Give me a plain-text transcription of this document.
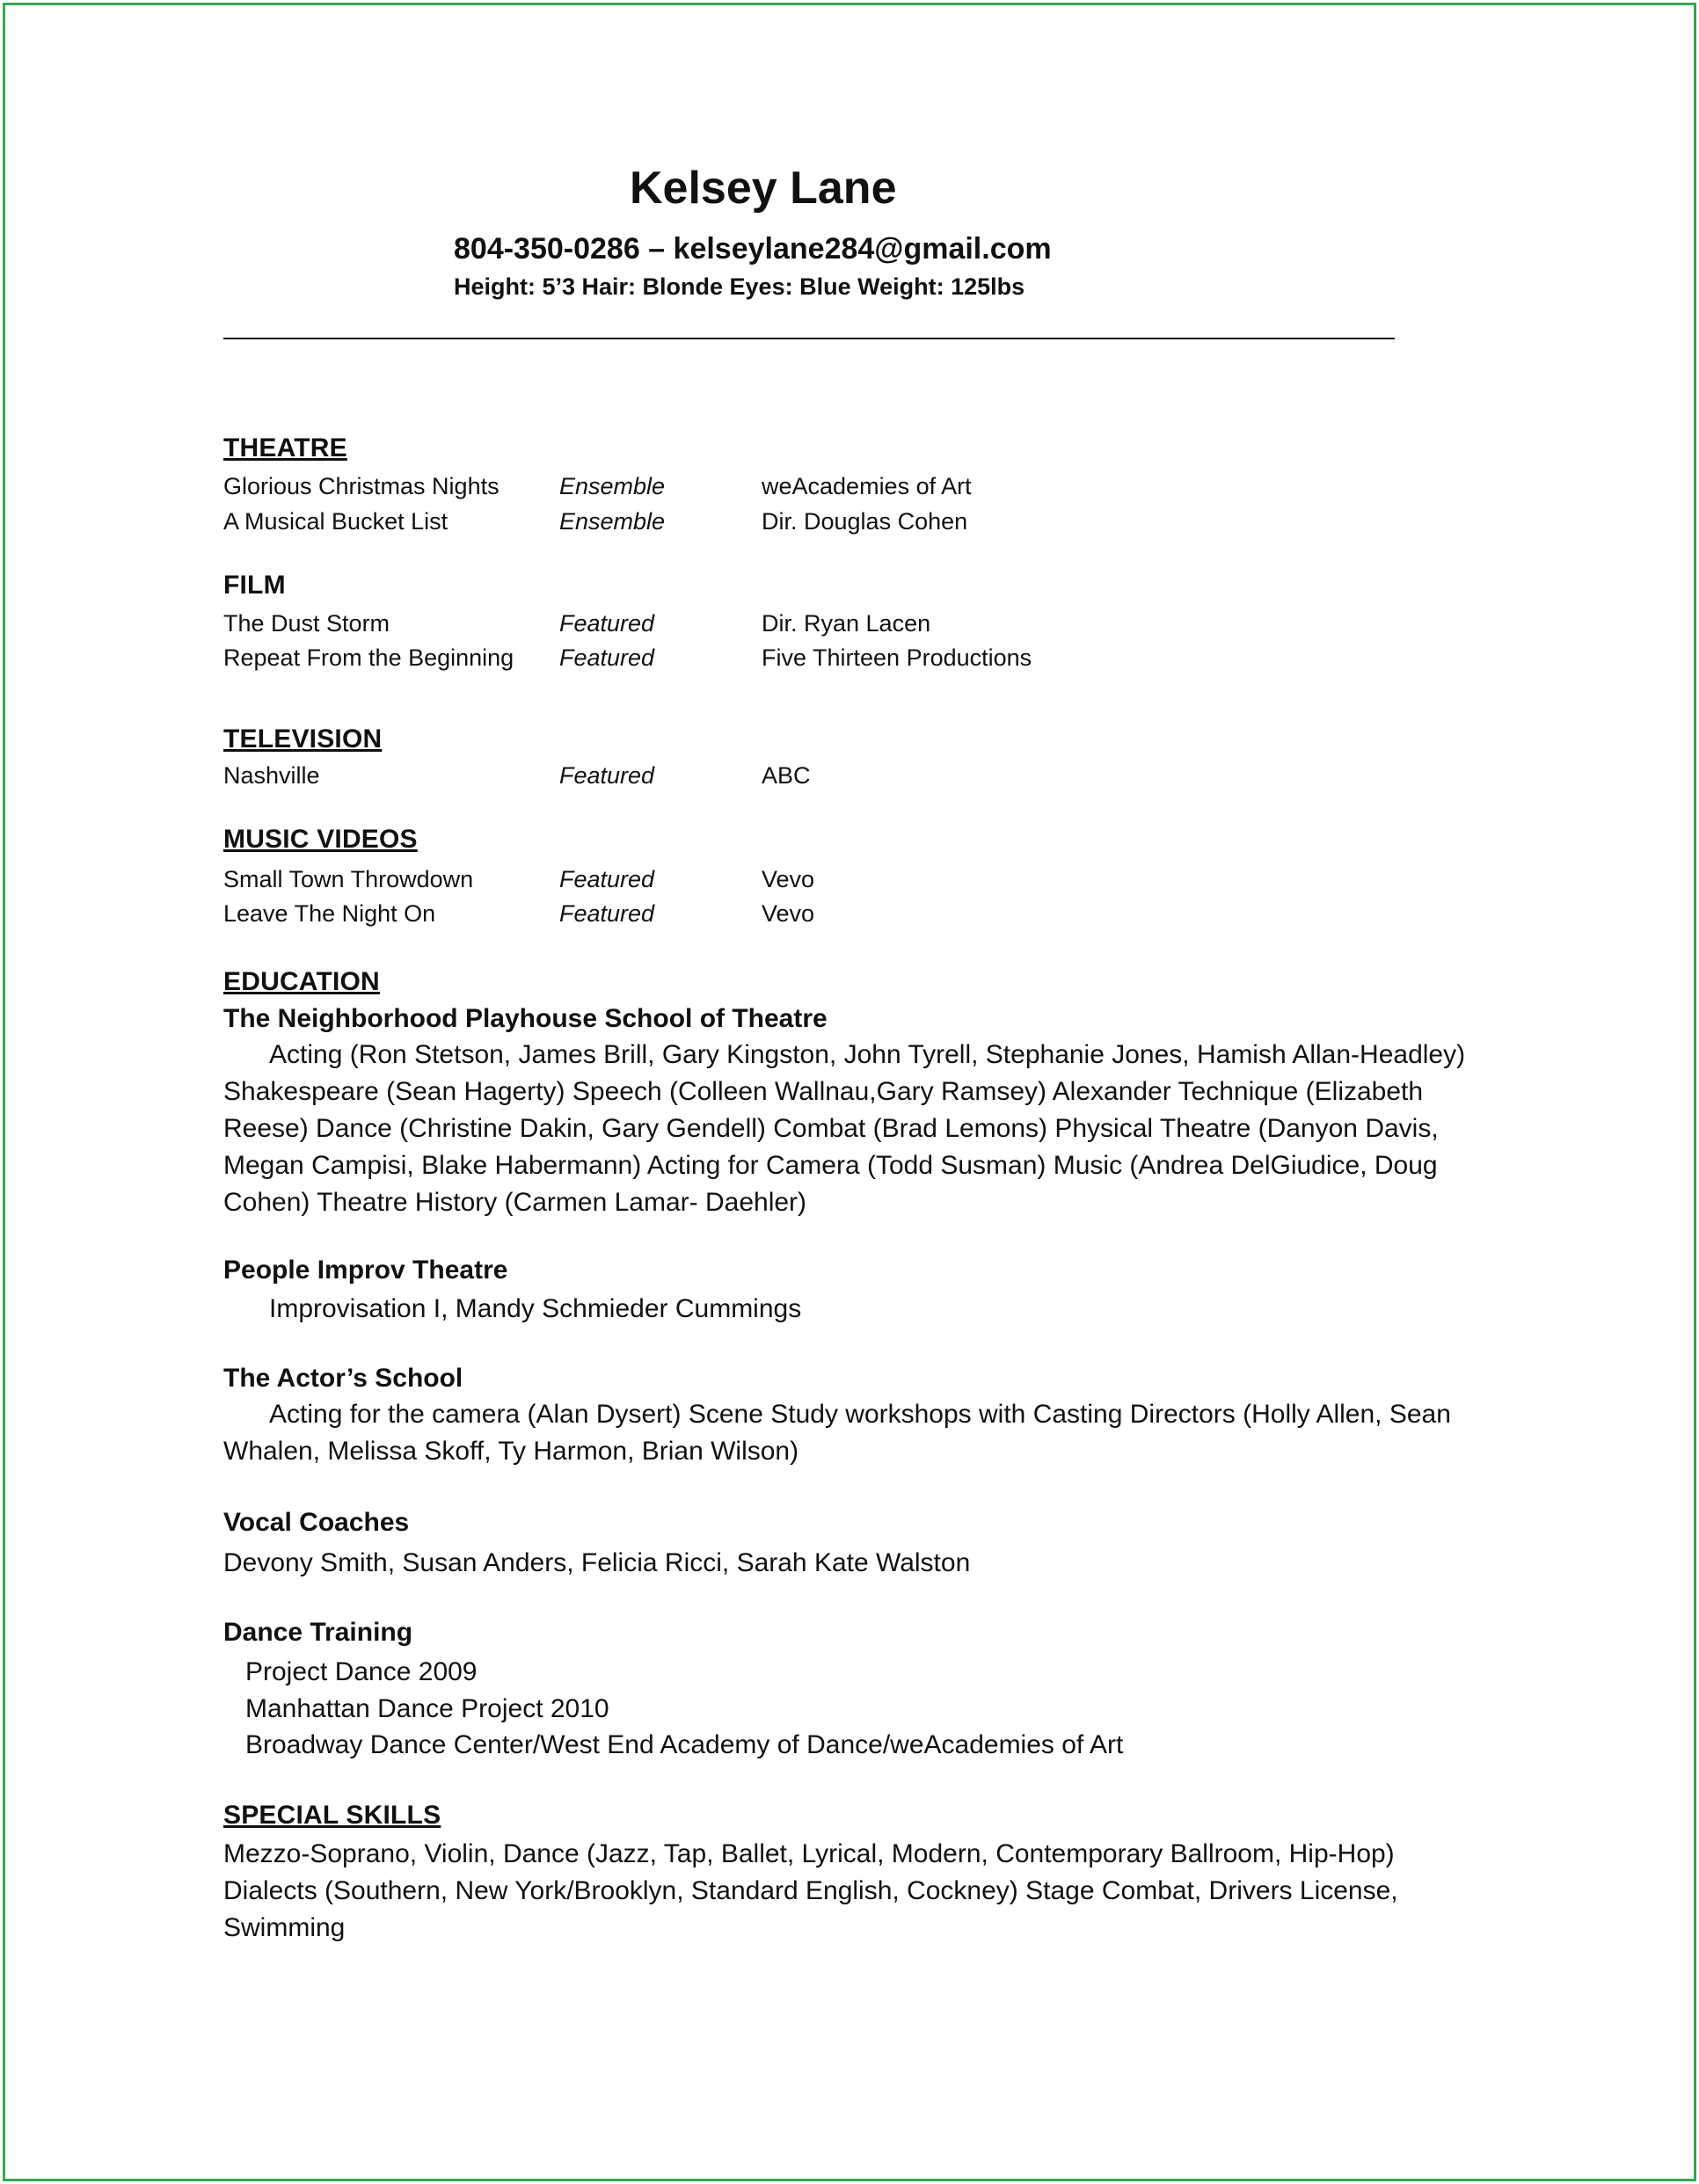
Kelsey Lane
804-350-0286 – kelseylane284@gmail.com
Height: 5’3 Hair: Blonde Eyes: Blue Weight: 125lbs
THEATRE
Glorious Christmas Nights	Ensemble	weAcademies of Art
A Musical Bucket List	Ensemble	Dir. Douglas Cohen
FILM
The Dust Storm	Featured	Dir. Ryan Lacen
Repeat From the Beginning Featured	Five Thirteen Productions
TELEVISION
Nashville	Featured	ABC
MUSIC VIDEOS
Small Town Throwdown	Featured	Vevo
Leave The Night On	Featured	Vevo
EDUCATION
The Neighborhood Playhouse School of Theatre

Acting (Ron Stetson, James Brill, Gary Kingston, John Tyrell, Stephanie Jones, Hamish Allan-Headley) Shakespeare (Sean Hagerty) Speech (Colleen Wallnau,Gary Ramsey) Alexander Technique (Elizabeth Reese) Dance (Christine Dakin, Gary Gendell) Combat (Brad Lemons) Physical Theatre (Danyon Davis, Megan Campisi, Blake Habermann) Acting for Camera (Todd Susman) Music (Andrea DelGiudice, Doug Cohen) Theatre History (Carmen Lamar- Daehler)

People Improv Theatre
Improvisation I, Mandy Schmieder Cummings
The Actor’s School

Acting for the camera (Alan Dysert) Scene Study workshops with Casting Directors (Holly Allen, Sean Whalen, Melissa Skoff, Ty Harmon, Brian Wilson)

Vocal Coaches
Devony Smith, Susan Anders, Felicia Ricci, Sarah Kate Walston
Dance Training
Project Dance 2009
Manhattan Dance Project 2010
Broadway Dance Center/West End Academy of Dance/weAcademies of Art
SPECIAL SKILLS

Mezzo-Soprano, Violin, Dance (Jazz, Tap, Ballet, Lyrical, Modern, Contemporary Ballroom, Hip-Hop) Dialects (Southern, New York/Brooklyn, Standard English, Cockney) Stage Combat, Drivers License, Swimming
